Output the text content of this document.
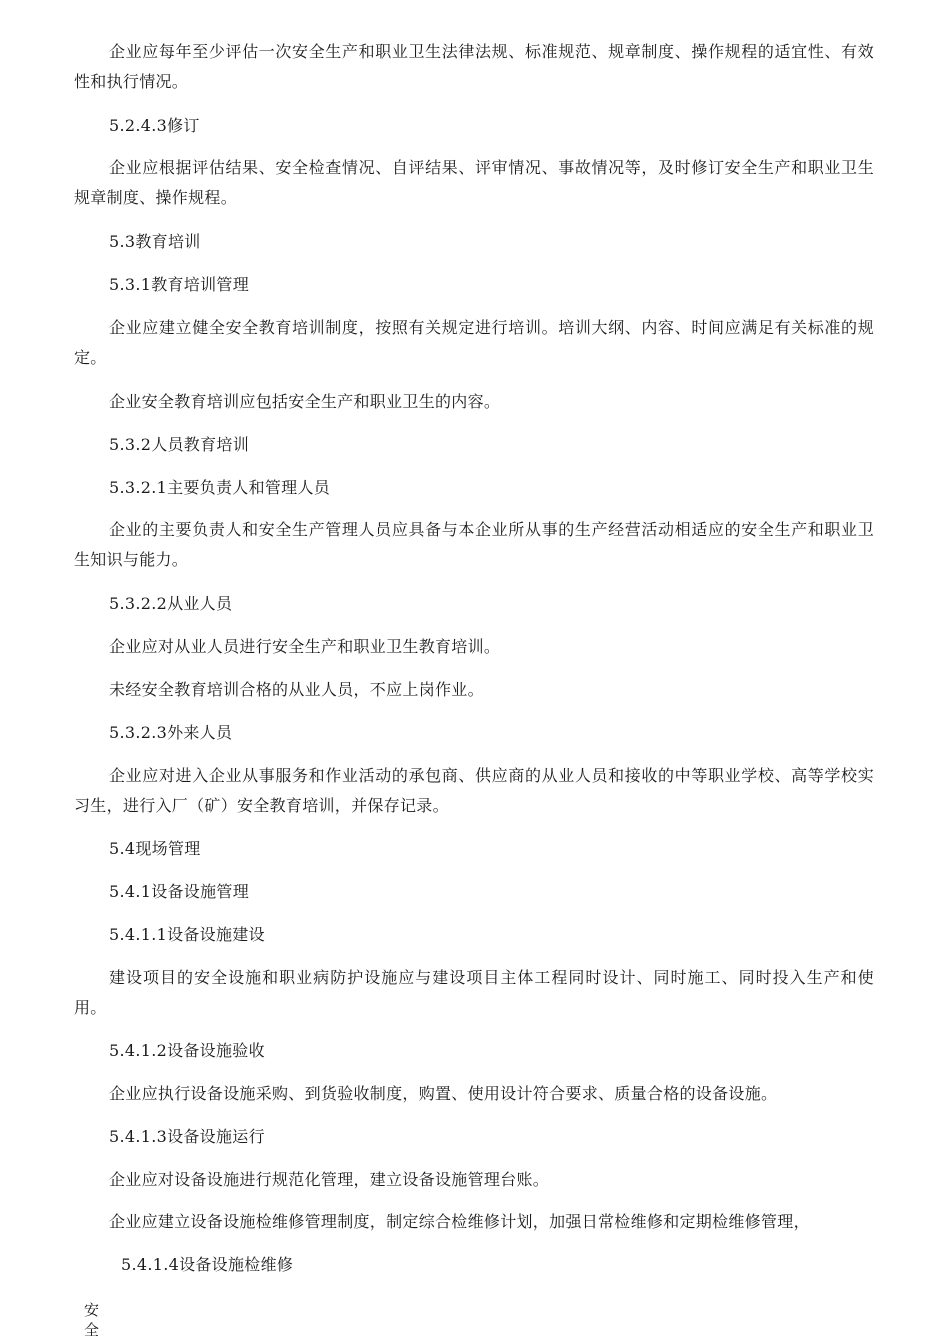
企业应每年至少评估一次安全生产和职业卫生法律法规、标准规范、规章制度、操作规程的适宜性、有效性和执行情况。

5.2.4.3修订

企业应根据评估结果、安全检查情况、自评结果、评审情况、事故情况等，及时修订安全生产和职业卫生规章制度、操作规程。

5.3教育培训

5.3.1教育培训管理

企业应建立健全安全教育培训制度，按照有关规定进行培训。培训大纲、内容、时间应满足有关标准的规定。

企业安全教育培训应包括安全生产和职业卫生的内容。

5.3.2人员教育培训

5.3.2.1主要负责人和管理人员

企业的主要负责人和安全生产管理人员应具备与本企业所从事的生产经营活动相适应的安全生产和职业卫生知识与能力。

5.3.2.2从业人员

企业应对从业人员进行安全生产和职业卫生教育培训。

未经安全教育培训合格的从业人员，不应上岗作业。

5.3.2.3外来人员

企业应对进入企业从事服务和作业活动的承包商、供应商的从业人员和接收的中等职业学校、高等学校实习生，进行入厂（矿）安全教育培训，并保存记录。

5.4现场管理

5.4.1设备设施管理

5.4.1.1设备设施建设

建设项目的安全设施和职业病防护设施应与建设项目主体工程同时设计、同时施工、同时投入生产和使用。

5.4.1.2设备设施验收

企业应执行设备设施采购、到货验收制度，购置、使用设计符合要求、质量合格的设备设施。

5.4.1.3设备设施运行

企业应对设备设施进行规范化管理，建立设备设施管理台账。

企业应建立设备设施检维修管理制度，制定综合检维修计划，加强日常检维修和定期检维修管理，

5.4.1.4设备设施检维修

安全
